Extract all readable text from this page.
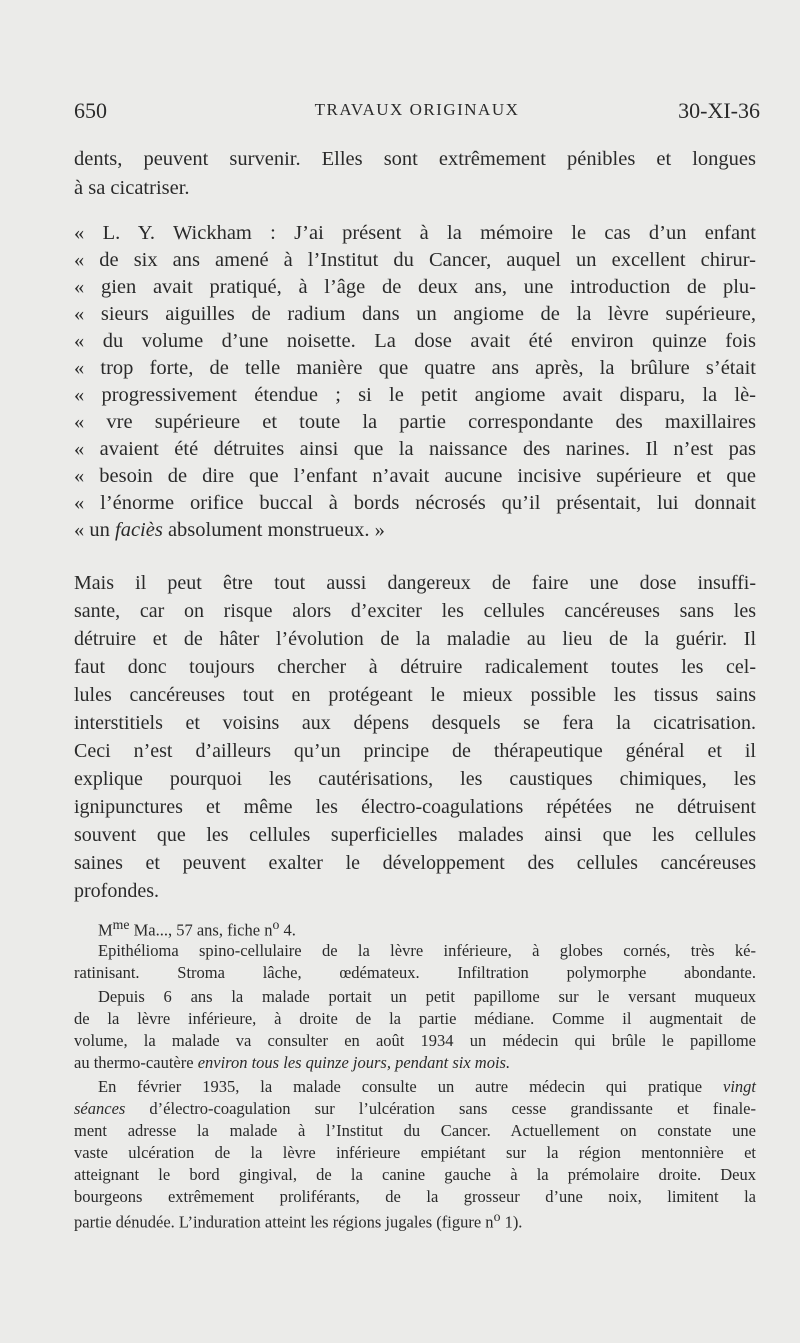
650	TRAVAUX ORIGINAUX	30-XI-36
dents, peuvent survenir. Elles sont extrêmement pénibles et longues
à sa cicatriser.
« L. Y. Wickham : J’ai présent à la mémoire le cas d’un enfant
« de six ans amené à l’Institut du Cancer, auquel un excellent chirur-
« gien avait pratiqué, à l’âge de deux ans, une introduction de plu-
« sieurs aiguilles de radium dans un angiome de la lèvre supérieure,
« du volume d’une noisette. La dose avait été environ quinze fois
« trop forte, de telle manière que quatre ans après, la brûlure s’était
« progressivement étendue ; si le petit angiome avait disparu, la lè-
« vre supérieure et toute la partie correspondante des maxillaires
« avaient été détruites ainsi que la naissance des narines. Il n’est pas
« besoin de dire que l’enfant n’avait aucune incisive supérieure et que
« l’énorme orifice buccal à bords nécrosés qu’il présentait, lui donnait
« un faciès absolument monstrueux. »
Mais il peut être tout aussi dangereux de faire une dose insuffi-
sante, car on risque alors d’exciter les cellules cancéreuses sans les
détruire et de hâter l’évolution de la maladie au lieu de la guérir. Il
faut donc toujours chercher à détruire radicalement toutes les cel-
lules cancéreuses tout en protégeant le mieux possible les tissus sains
interstitiels et voisins aux dépens desquels se fera la cicatrisation.
Ceci n’est d’ailleurs qu’un principe de thérapeutique général et il
explique pourquoi les cautérisations, les caustiques chimiques, les
ignipunctures et même les électro-coagulations répétées ne détruisent
souvent que les cellules superficielles malades ainsi que les cellules
saines et peuvent exalter le développement des cellules cancéreuses
profondes.
$M^{me}$ Ma..., 57 ans, fiche $n^o$ 4.
Epithélioma spino-cellulaire de la lèvre inférieure, à globes cornés, très ké-
ratinisant. Stroma lâche, œdémateux. Infiltration polymorphe abondante.
Depuis 6 ans la malade portait un petit papillome sur le versant muqueux
de la lèvre inférieure, à droite de la partie médiane. Comme il augmentait de
volume, la malade va consulter en août 1934 un médecin qui brûle le papillome
au thermo-cautère environ tous les quinze jours, pendant six mois.
En février 1935, la malade consulte un autre médecin qui pratique vingt
séances d’électro-coagulation sur l’ulcération sans cesse grandissante et finale-
ment adresse la malade à l’Institut du Cancer. Actuellement on constate une
vaste ulcération de la lèvre inférieure empiétant sur la région mentonnière et
atteignant le bord gingival, de la canine gauche à la prémolaire droite. Deux
bourgeons extrêmement proliférants, de la grosseur d’une noix, limitent la
partie dénudée. L’induration atteint les régions jugales (figure $n^o$ 1).
